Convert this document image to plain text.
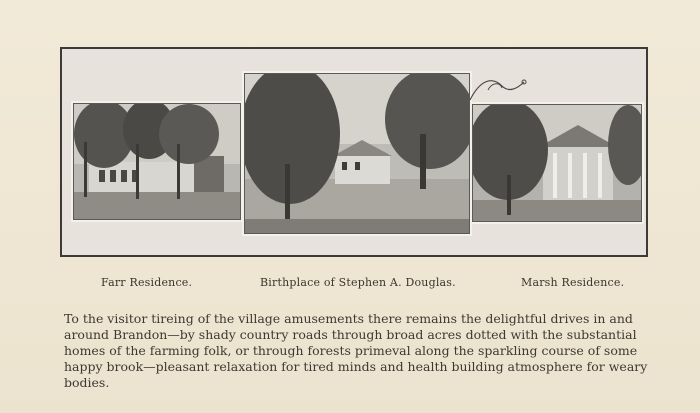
Farr Residence.	Birthplace of Stephen A. Douglas.	Marsh Residence.
To the visitor tireing of the village amusements there remains the delightful drives in and
around Brandon—by shady country roads through broad acres dotted with the substantial
homes of the farming folk, or through forests primeval along the sparkling course of some
happy brook—pleasant relaxation for tired minds and health building atmosphere for weary
bodies.
